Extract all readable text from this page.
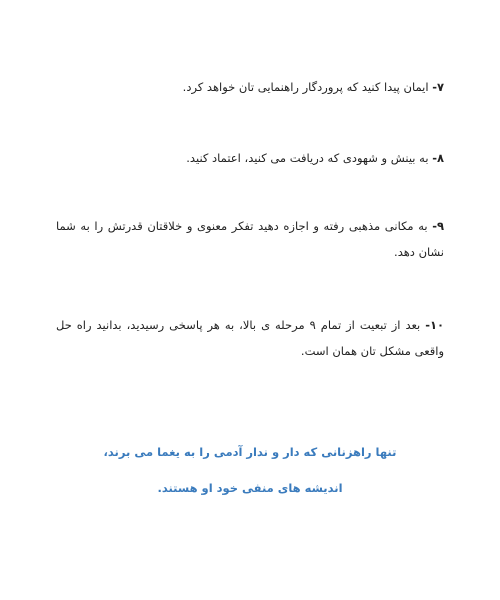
۷- ایمان پیدا کنید که پروردگار راهنمایی تان خواهد کرد.

۸- به بینش و شهودی که دریافت می کنید، اعتماد کنید.

۹- به مکانی مذهبی رفته و اجازه دهید تفکر معنوی و خلاقتان قدرتش را به شما نشان دهد.

۱۰- بعد از تبعیت از تمام ۹ مرحله ی بالا، به هر پاسخی رسیدید، بدانید راه حل واقعی مشکل تان همان است.

تنها راهزنانی که دار و ندار آدمی را به یغما می برند،
اندیشه های منفی خود او هستند.
